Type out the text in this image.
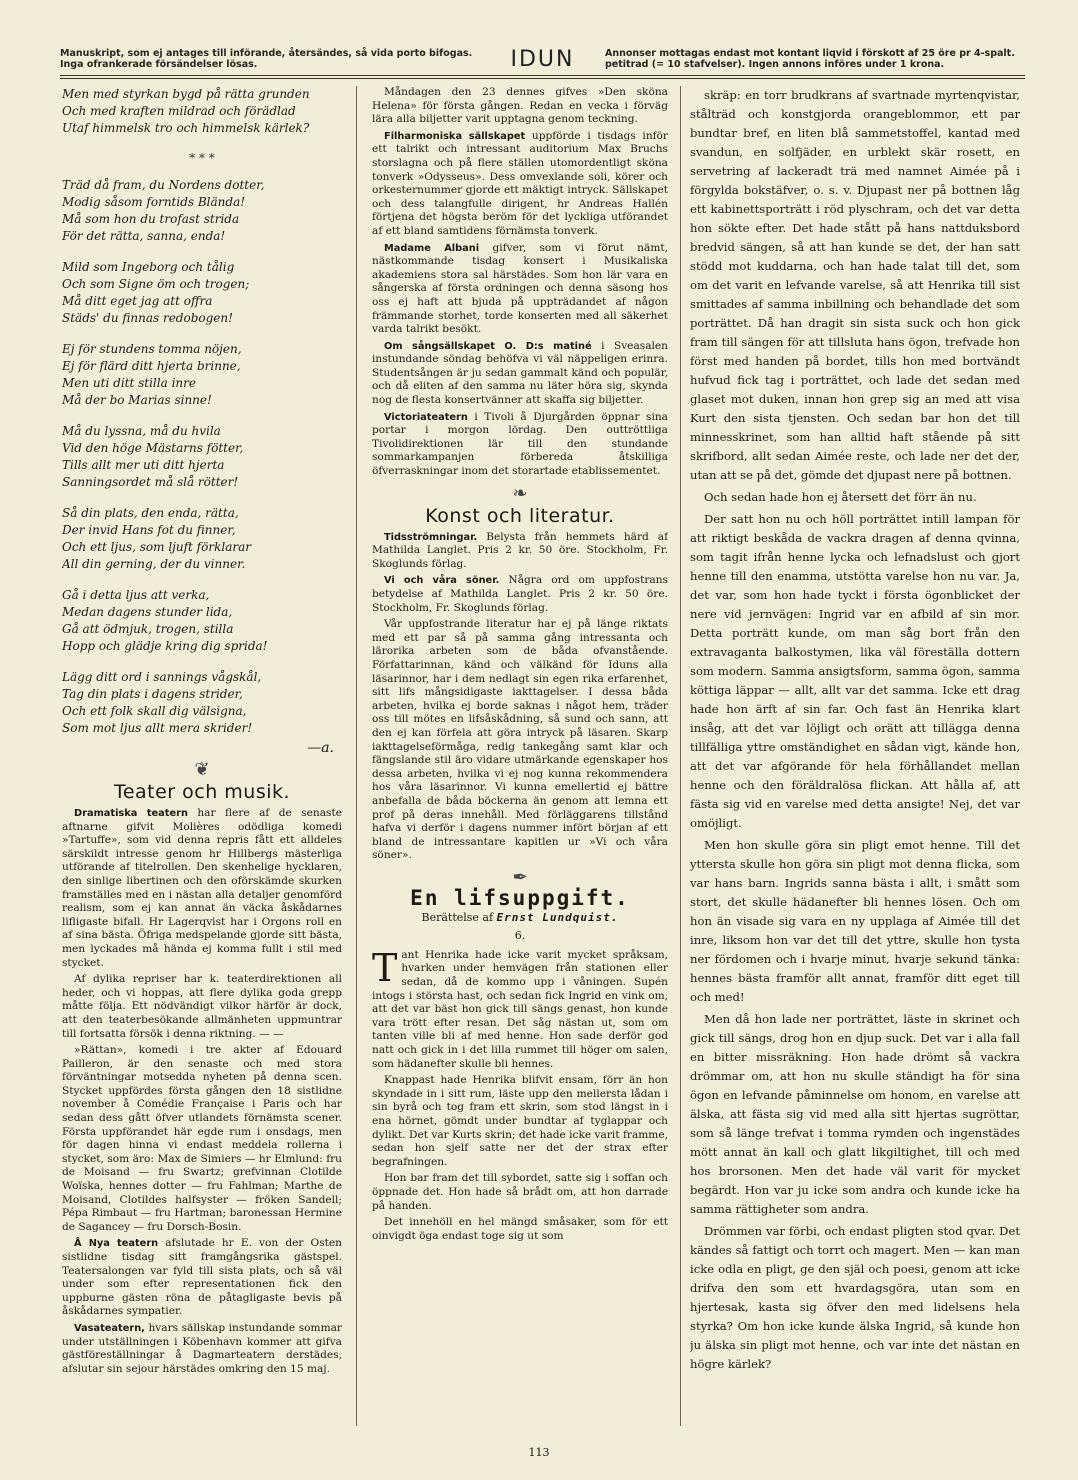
Manuskript, som ej antages till införande, återsändes, så vida porto bifogas. Inga ofrankerade försändelser lösas.	IDUN	Annonser mottagas endast mot kontant liqvid i förskott af 25 öre pr 4-spalt. petitrad (= 10 stafvelser). Ingen annons införes under 1 krona.

Men med styrkan bygd på rätta grunden
Och med kraften mildrad och förädlad
Utaf himmelsk tro och himmelsk kärlek?

* * *

Träd då fram, du Nordens dotter,
Modig såsom forntids Blända!
Må som hon du trofast strida
För det rätta, sanna, enda!

Mild som Ingeborg och tålig
Och som Signe öm och trogen;
Må ditt eget jag att offra
Städs' du finnas redobogen!

Ej för stundens tomma nöjen,
Ej för flärd ditt hjerta brinne,
Men uti ditt stilla inre
Må der bo Marias sinne!

Må du lyssna, må du hvila
Vid den höge Mästarns fötter,
Tills allt mer uti ditt hjerta
Sanningsordet må slå rötter!

Så din plats, den enda, rätta,
Der invid Hans fot du finner,
Och ett ljus, som ljuft förklarar
All din gerning, der du vinner.

Gå i detta ljus att verka,
Medan dagens stunder lida,
Gå att ödmjuk, trogen, stilla
Hopp och glädje kring dig sprida!

Lägg ditt ord i sannings vågskål,
Tag din plats i dagens strider,
Och ett folk skall dig välsigna,
Som mot ljus allt mera skrider!

—a.
❦
Teater och musik.

Dramatiska teatern har flere af de senaste aftnarne gifvit Molières odödliga komedi »Tartuffe», som vid denna repris fått ett alldeles särskildt intresse genom hr Hillbergs mästerliga utförande af titelrollen. Den skenhelige hycklaren, den sinlige libertinen och den oförskämde skurken framställes med en i nästan alla detaljer genomförd realism, som ej kan annat än väcka åskådarnes lifligaste bifall. Hr Lagerqvist har i Orgons roll en af sina bästa. Öfriga medspelande gjorde sitt bästa, men lyckades må hända ej komma fullt i stil med stycket.

Af dylika repriser har k. teaterdirektionen all heder, och vi hoppas, att flere dylika goda grepp måtte följa. Ett nödvändigt vilkor härför är dock, att den teaterbesökande allmänheten uppmuntrar till fortsatta försök i denna riktning. — —

»Rättan», komedi i tre akter af Edouard Pailleron, är den senaste och med stora förväntningar motsedda nyheten på denna scen. Stycket uppfördes första gången den 18 sistlidne november å Comédie Française i Paris och har sedan dess gått öfver utlandets förnämsta scener. Första uppförandet här egde rum i onsdags, men för dagen hinna vi endast meddela rollerna i stycket, som äro: Max de Simiers — hr Elmlund: fru de Moisand — fru Swartz; grefvinnan Clotilde Woïska, hennes dotter — fru Fahlman; Marthe de Moisand, Clotildes halfsyster — fröken Sandell; Pépa Rimbaut — fru Hartman; baronessan Hermine de Sagancey — fru Dorsch-Bosin.

Å Nya teatern afslutade hr E. von der Osten sistlidne tisdag sitt framgångsrika gästspel. Teatersalongen var fyld till sista plats, och så väl under som efter representationen fick den uppburne gästen röna de påtagligaste bevis på åskådarnes sympatier.

Vasateatern, hvars sällskap instundande sommar under utställningen i Köbenhavn kommer att gifva gästföreställningar å Dagmarteatern derstädes, afslutar sin sejour härstädes omkring den 15 maj.

Måndagen den 23 dennes gifves »Den sköna Helena» för första gången. Redan en vecka i förväg lära alla biljetter varit upptagna genom teckning.

Filharmoniska sällskapet uppförde i tisdags inför ett talrikt och intressant auditorium Max Bruchs storslagna och på flere ställen utomordentligt sköna tonverk »Odysseus». Dess omvexlande soli, körer och orkesternummer gjorde ett mäktigt intryck. Sällskapet och dess talangfulle dirigent, hr Andreas Hallén förtjena det högsta beröm för det lyckliga utförandet af ett bland samtidens förnämsta tonverk.

Madame Albani gifver, som vi förut nämt, nästkommande tisdag konsert i Musikaliska akademiens stora sal härstädes. Som hon lär vara en sångerska af första ordningen och denna säsong hos oss ej haft att bjuda på uppträdandet af någon främmande storhet, torde konserten med all säkerhet varda talrikt besökt.

Om sångsällskapet O. D:s matiné i Sveasalen instundande söndag behöfva vi väl näppeligen erinra. Studentsången är ju sedan gammalt känd och populär, och då eliten af den samma nu läter höra sig, skynda nog de flesta konsertvänner att skaffa sig biljetter.

Victoriateatern i Tivoli å Djurgården öppnar sina portar i morgon lördag. Den outtröttliga Tivolidirektionen lär till den stundande sommarkampanjen förbereda åtskilliga öfverraskningar inom det storartade etablissementet.

❧
Konst och literatur.

Tidsströmningar. Belysta från hemmets härd af Mathilda Langlet. Pris 2 kr. 50 öre. Stockholm, Fr. Skoglunds förlag.

Vi och våra söner. Några ord om uppfostrans betydelse af Mathilda Langlet. Pris 2 kr. 50 öre. Stockholm, Fr. Skoglunds förlag.

Vår uppfostrande literatur har ej på länge riktats med ett par så på samma gång intressanta och lärorika arbeten som de båda ofvanstående. Författarinnan, känd och välkänd för Iduns alla läsarinnor, har i dem nedlagt sin egen rika erfarenhet, sitt lifs mångsidigaste iakttagelser. I dessa båda arbeten, hvilka ej borde saknas i något hem, träder oss till mötes en lifsåskådning, så sund och sann, att den ej kan förfela att göra intryck på läsaren. Skarp iakttagelseförmåga, redig tankegång samt klar och fängslande stil äro vidare utmärkande egenskaper hos dessa arbeten, hvilka vi ej nog kunna rekommendera hos våra läsarinnor. Vi kunna emellertid ej bättre anbefalla de båda böckerna än genom att lemna ett prof på deras innehåll. Med förläggarens tillstånd hafva vi derför i dagens nummer infört början af ett bland de intressantare kapitlen ur »Vi och våra söner».

✒
En lifsuppgift.
Berättelse af Ernst Lundquist.
6.

Tant Henrika hade icke varit mycket språksam, hvarken under hemvägen från stationen eller sedan, då de kommo upp i våningen. Supén intogs i största hast, och sedan fick Ingrid en vink om, att det var bäst hon gick till sängs genast, hon kunde vara trött efter resan. Det såg nästan ut, som om tanten ville bli af med henne. Hon sade derför god natt och gick in i det lilla rummet till höger om salen, som hädanefter skulle bli hennes.

Knappast hade Henrika blifvit ensam, förr än hon skyndade in i sitt rum, läste upp den mellersta lådan i sin byrå och tog fram ett skrin, som stod längst in i ena hörnet, gömdt under bundtar af tyglappar och dylikt. Det var Kurts skrin; det hade icke varit framme, sedan hon sjelf satte ner det der strax efter begrafningen.

Hon bar fram det till sybordet, satte sig i soffan och öppnade det. Hon hade så brådt om, att hon darrade på handen.

Det innehöll en hel mängd småsaker, som för ett oinvigdt öga endast toge sig ut som

skräp: en torr brudkrans af svartnade myrtenqvistar, stålträd och konstgjorda orangeblommor, ett par bundtar bref, en liten blå sammetstoffel, kantad med svandun, en solfjäder, en urblekt skär rosett, en servetring af lackeradt trä med namnet Aimée på i förgylda bokstäfver, o. s. v. Djupast ner på bottnen låg ett kabinettsporträtt i röd plyschram, och det var detta hon sökte efter. Det hade stått på hans nattduksbord bredvid sängen, så att han kunde se det, der han satt stödd mot kuddarna, och han hade talat till det, som om det varit en lefvande varelse, så att Henrika till sist smittades af samma inbillning och behandlade det som porträttet. Då han dragit sin sista suck och hon gick fram till sängen för att tillsluta hans ögon, trefvade hon först med handen på bordet, tills hon med bortvändt hufvud fick tag i porträttet, och lade det sedan med glaset mot duken, innan hon grep sig an med att visa Kurt den sista tjensten. Och sedan bar hon det till minnesskrinet, som han alltid haft stående på sitt skrifbord, allt sedan Aimée reste, och lade ner det der, utan att se på det, gömde det djupast nere på bottnen.

Och sedan hade hon ej återsett det förr än nu.

Der satt hon nu och höll porträttet intill lampan för att riktigt beskåda de vackra dragen af denna qvinna, som tagit ifrån henne lycka och lefnadslust och gjort henne till den enamma, utstötta varelse hon nu var. Ja, det var, som hon hade tyckt i första ögonblicket der nere vid jernvägen: Ingrid var en afbild af sin mor. Detta porträtt kunde, om man såg bort från den extravaganta balkostymen, lika väl föreställa dottern som modern. Samma ansigtsform, samma ögon, samma köttiga läppar — allt, allt var det samma. Icke ett drag hade hon ärft af sin far. Och fast än Henrika klart insåg, att det var löjligt och orätt att tillägga denna tillfälliga yttre omständighet en sådan vigt, kände hon, att det var afgörande för hela förhållandet mellan henne och den föräldralösa flickan. Att hålla af, att fästa sig vid en varelse med detta ansigte! Nej, det var omöjligt.

Men hon skulle göra sin pligt emot henne. Till det yttersta skulle hon göra sin pligt mot denna flicka, som var hans barn. Ingrids sanna bästa i allt, i smått som stort, det skulle hädanefter bli hennes lösen. Och om hon än visade sig vara en ny upplaga af Aimée till det inre, liksom hon var det till det yttre, skulle hon tysta ner fördomen och i hvarje minut, hvarje sekund tänka: hennes bästa framför allt annat, framför ditt eget till och med!

Men då hon lade ner porträttet, läste in skrinet och gick till sängs, drog hon en djup suck. Det var i alla fall en bitter missräkning. Hon hade drömt så vackra drömmar om, att hon nu skulle ständigt ha för sina ögon en lefvande påminnelse om honom, en varelse att älska, att fästa sig vid med alla sitt hjertas sugröttar, som så länge trefvat i tomma rymden och ingenstädes mött annat än kall och glatt likgiltighet, till och med hos brorsonen. Men det hade väl varit för mycket begärdt. Hon var ju icke som andra och kunde icke ha samma rättigheter som andra.

Drömmen var förbi, och endast pligten stod qvar. Det kändes så fattigt och torrt och magert. Men — kan man icke odla en pligt, ge den själ och poesi, genom att icke drifva den som ett hvardagsgöra, utan som en hjertesak, kasta sig öfver den med lidelsens hela styrka? Om hon icke kunde älska Ingrid, så kunde hon ju älska sin pligt mot henne, och var inte det nästan en högre kärlek?

113
